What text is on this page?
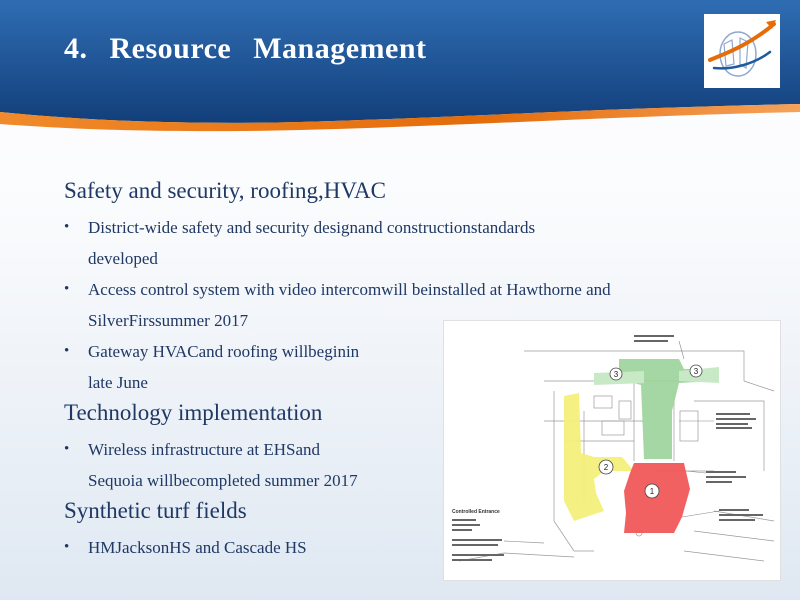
4. Resource Management
Safety and security, roofing,HVAC
• District-wide safety and security designand constructionstandards
developed
• Access control system with video intercomwill beinstalled at Hawthorne and
SilverFirssummer 2017
• Gateway HVACand roofing willbeginin
late June
Technology implementation
• Wireless infrastructure at EHSand
Sequoia willbecompleted summer 2017
Synthetic turf fields
• HMJacksonHS and Cascade HS
1
2
3	3
Controlled Entrance
